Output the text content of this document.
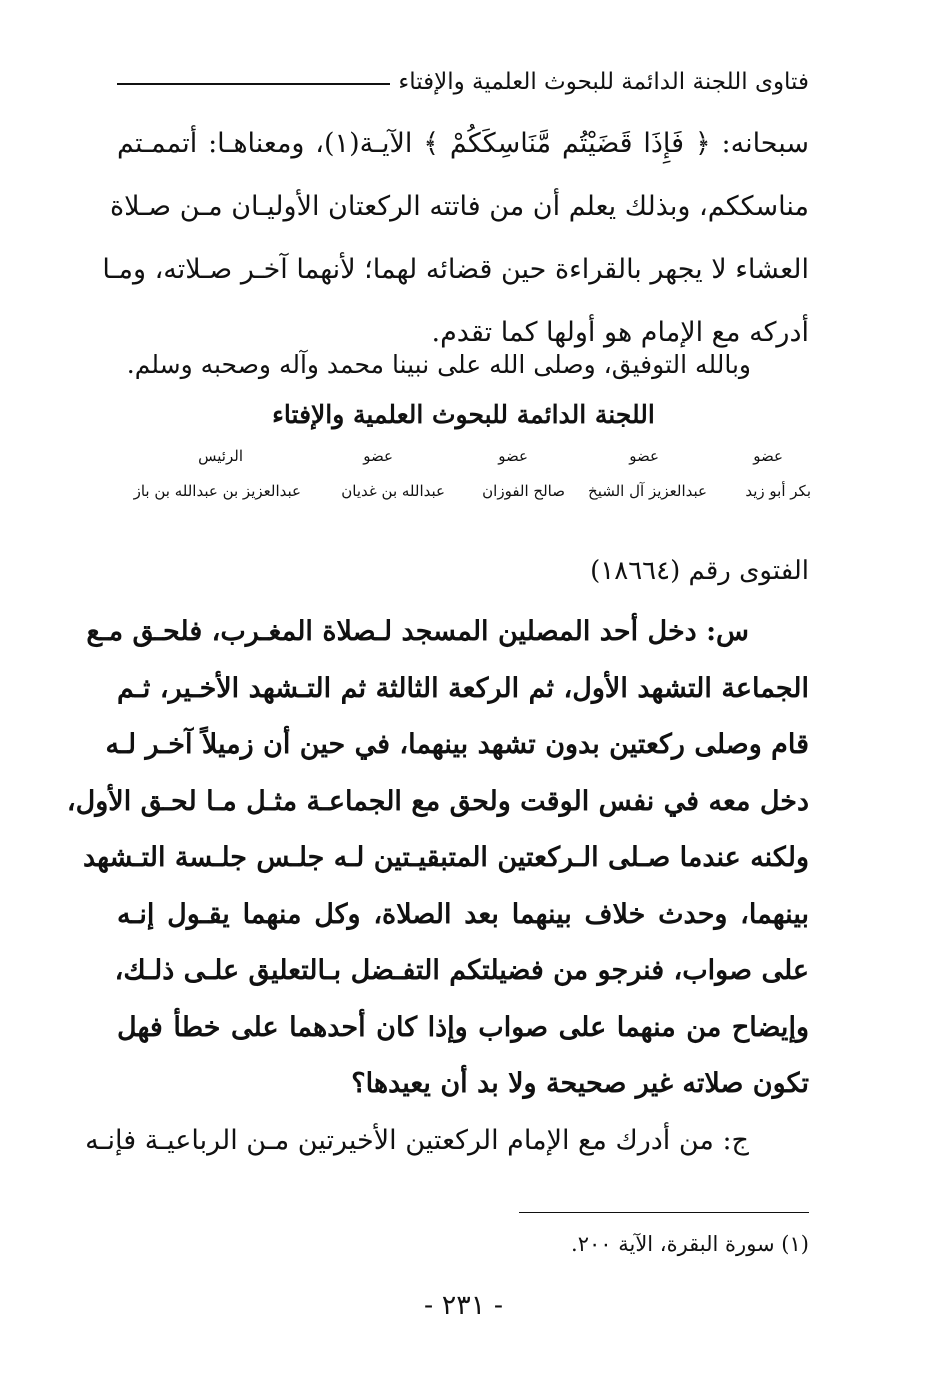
فتاوى اللجنة الدائمة للبحوث العلمية والإفتاء
سبحانه: ﴿ فَإِذَا قَضَيْتُم مَّنَاسِكَكُمْ ﴾ الآيـة(١)، ومعناهـا: أتممـتم
مناسككم، وبذلك يعلم أن من فاتته الركعتان الأوليـان مـن صـلاة
العشاء لا يجهر بالقراءة حين قضائه لهما؛ لأنهما آخـر صـلاته، ومـا
أدركه مع الإمام هو أولها كما تقدم.
وبالله التوفيق، وصلى الله على نبينا محمد وآله وصحبه وسلم.
اللجنة الدائمة للبحوث العلمية والإفتاء
عضو
عضو
عضو
عضو
الرئيس
بكر أبو زيد
عبدالعزيز آل الشيخ
صالح الفوزان
عبدالله بن غديان
عبدالعزيز بن عبدالله بن باز
الفتوى رقم (١٨٦٦٤)
س: دخل أحد المصلين المسجد لـصلاة المغـرب، فلحـق مـع
الجماعة التشهد الأول، ثم الركعة الثالثة ثم التـشهد الأخـير، ثـم
قام وصلى ركعتين بدون تشهد بينهما، في حين أن زميلاً آخـر لـه
دخل معه في نفس الوقت ولحق مع الجماعـة مثـل مـا لحـق الأول،
ولكنه عندما صـلى الـركعتين المتبقيـتين لـه جلـس جلـسة التـشهد
بينهما، وحدث خلاف بينهما بعد الصلاة، وكل منهما يقـول إنـه
على صواب، فنرجو من فضيلتكم التفـضل بـالتعليق علـى ذلـك،
وإيضاح من منهما على صواب وإذا كان أحدهما على خطأ فهل
تكون صلاته غير صحيحة ولا بد أن يعيدها؟
ج: من أدرك مع الإمام الركعتين الأخيرتين مـن الرباعيـة فإنـه
(١) سورة البقرة، الآية ٢٠٠.
- ٢٣١ -
